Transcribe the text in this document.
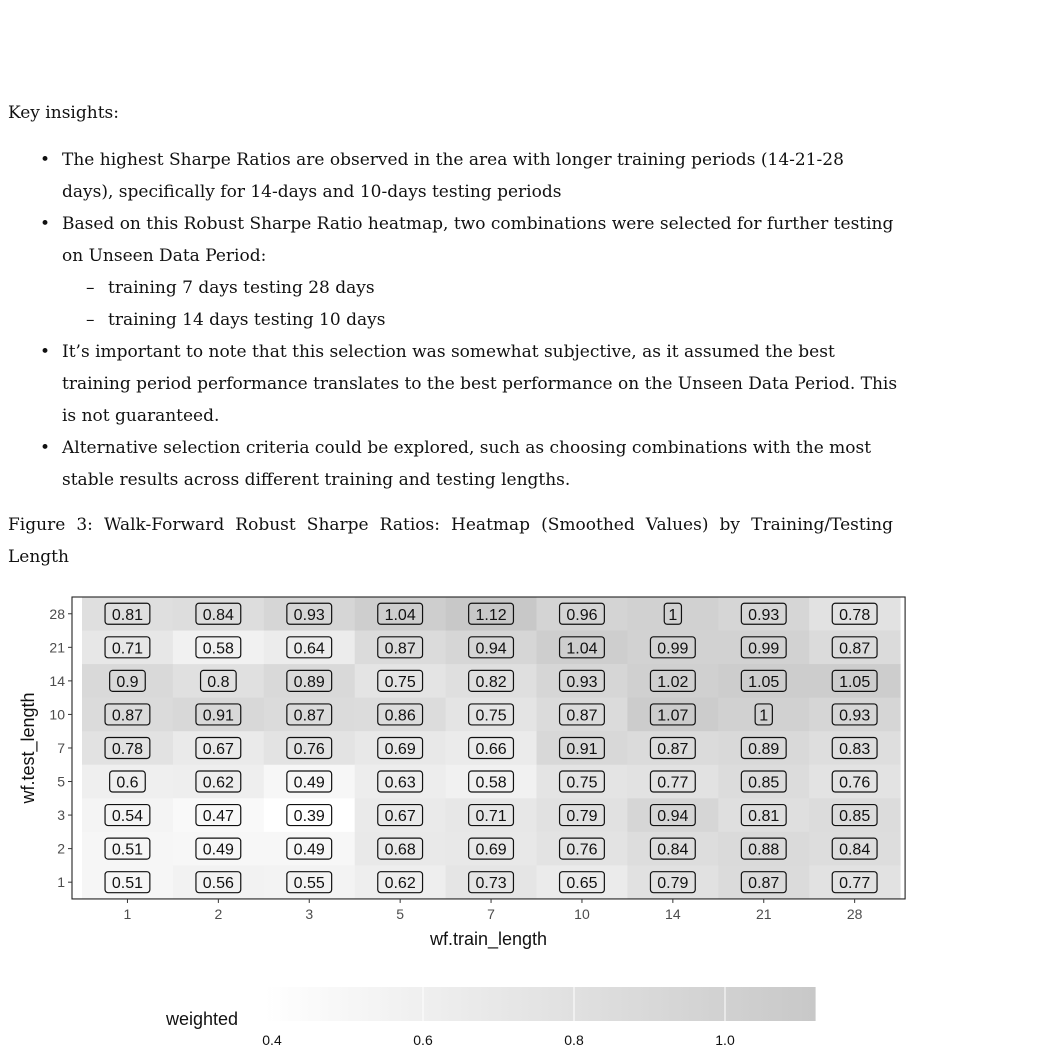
Key insights:
• The highest Sharpe Ratios are observed in the area with longer training periods (14-21-28 days), specifically for 14-days and 10-days testing periods
• Based on this Robust Sharpe Ratio heatmap, two combinations were selected for further testing on Unseen Data Period:
– training 7 days testing 28 days
– training 14 days testing 10 days
• It’s important to note that this selection was somewhat subjective, as it assumed the best training period performance translates to the best performance on the Unseen Data Period. This is not guaranteed.
• Alternative selection criteria could be explored, such as choosing combinations with the most stable results across different training and testing lengths.
Figure 3: Walk-Forward Robust Sharpe Ratios: Heatmap (Smoothed Values) by Training/Testing Length
0.81	0.84	0.93	1.04	1.12	0.96	1	0.93	0.78
0.71	0.58	0.64	0.87	0.94	1.04	0.99	0.99	0.87
0.9	0.8	0.89	0.75	0.82	0.93	1.02	1.05	1.05
0.87	0.91	0.87	0.86	0.75	0.87	1.07	1	0.93
0.78	0.67	0.76	0.69	0.66	0.91	0.87	0.89	0.83
0.6	0.62	0.49	0.63	0.58	0.75	0.77	0.85	0.76
0.54	0.47	0.39	0.67	0.71	0.79	0.94	0.81	0.85
0.51	0.49	0.49	0.68	0.69	0.76	0.84	0.88	0.84
0.51	0.56	0.55	0.62	0.73	0.65	0.79	0.87	0.77
28
21
14
10
7
5
3
2
1
1	2	3	5	7	10	14	21	28
wf.train_length
wf.test_length
0.4	0.6	0.8	1.0
weighted
